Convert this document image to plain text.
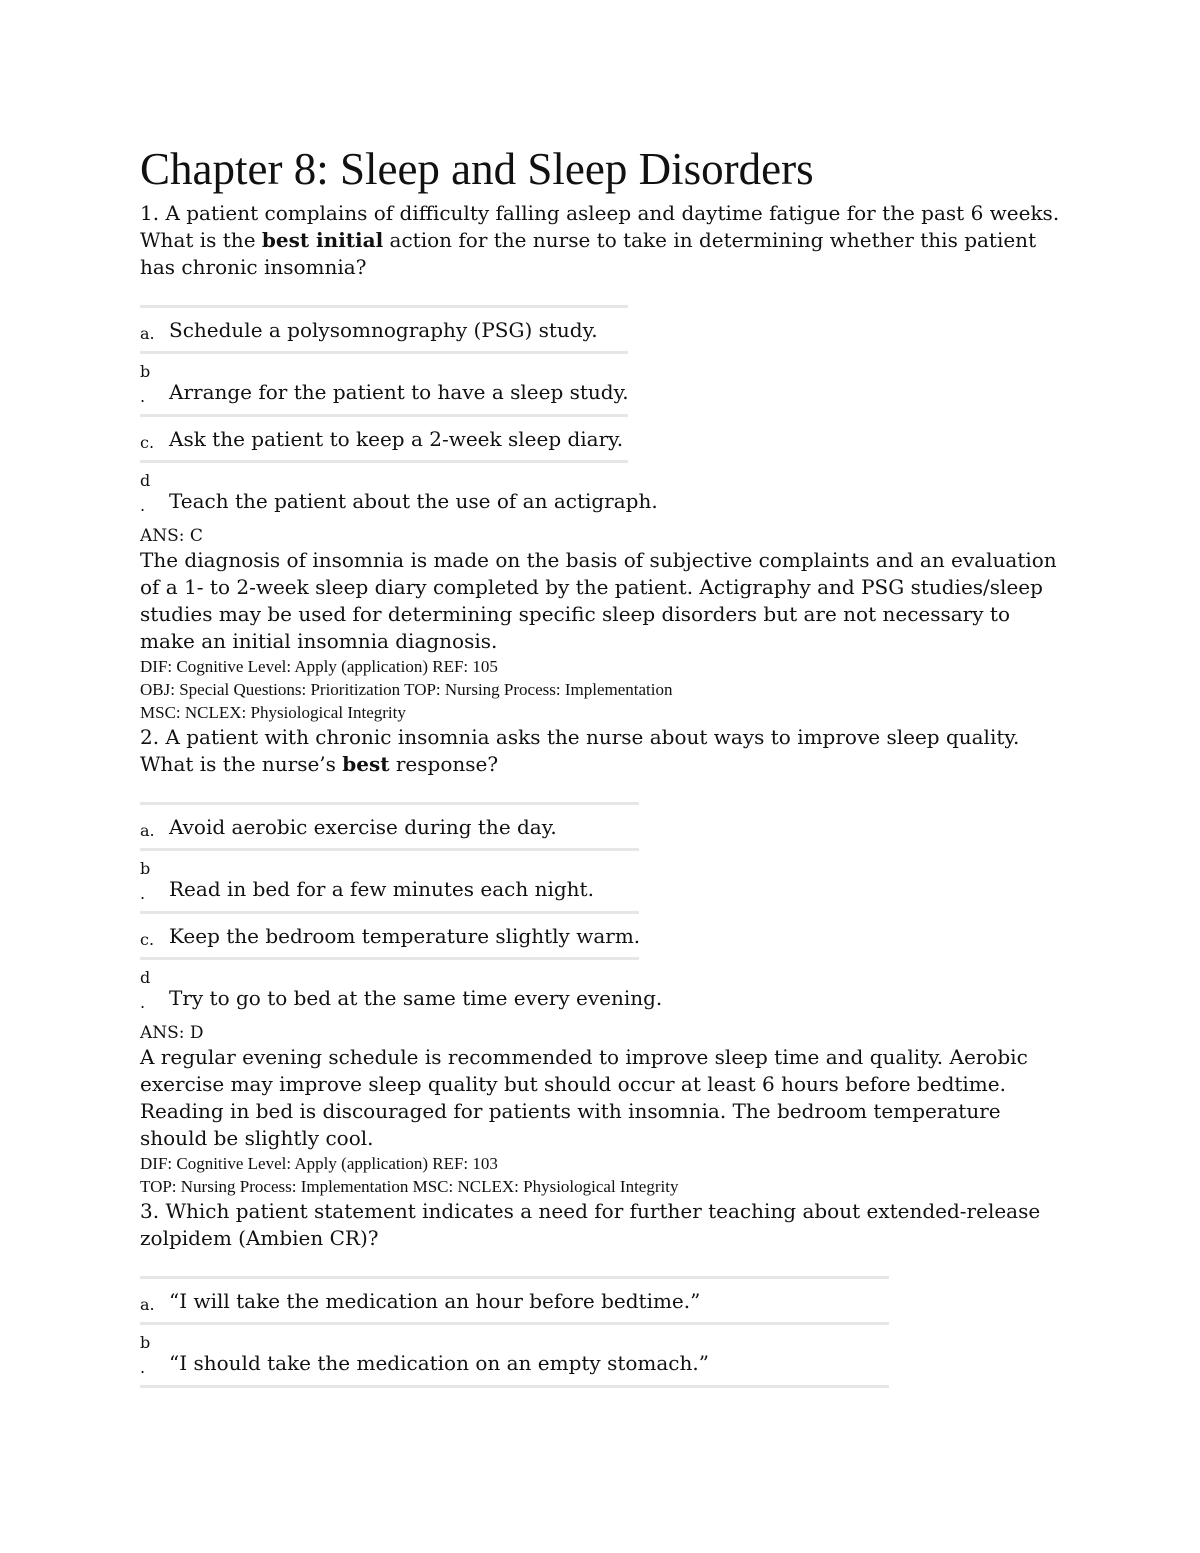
Chapter 8: Sleep and Sleep Disorders

1. A patient complains of difficulty falling asleep and daytime fatigue for the past 6 weeks. What is the best initial action for the nurse to take in determining whether this patient has chronic insomnia?

a. Schedule a polysomnography (PSG) study.
b
. Arrange for the patient to have a sleep study.
c. Ask the patient to keep a 2-week sleep diary.
d
. Teach the patient about the use of an actigraph.

ANS: C

The diagnosis of insomnia is made on the basis of subjective complaints and an evaluation of a 1- to 2-week sleep diary completed by the patient. Actigraphy and PSG studies/sleep studies may be used for determining specific sleep disorders but are not necessary to make an initial insomnia diagnosis.

DIF: Cognitive Level: Apply (application) REF: 105

OBJ: Special Questions: Prioritization TOP: Nursing Process: Implementation

MSC: NCLEX: Physiological Integrity

2. A patient with chronic insomnia asks the nurse about ways to improve sleep quality. What is the nurse’s best response?

a. Avoid aerobic exercise during the day.
b
. Read in bed for a few minutes each night.
c. Keep the bedroom temperature slightly warm.
d
. Try to go to bed at the same time every evening.

ANS: D

A regular evening schedule is recommended to improve sleep time and quality. Aerobic exercise may improve sleep quality but should occur at least 6 hours before bedtime. Reading in bed is discouraged for patients with insomnia. The bedroom temperature should be slightly cool.

DIF: Cognitive Level: Apply (application) REF: 103

TOP: Nursing Process: Implementation MSC: NCLEX: Physiological Integrity

3. Which patient statement indicates a need for further teaching about extended-release zolpidem (Ambien CR)?

a. “I will take the medication an hour before bedtime.”
b
. “I should take the medication on an empty stomach.”
